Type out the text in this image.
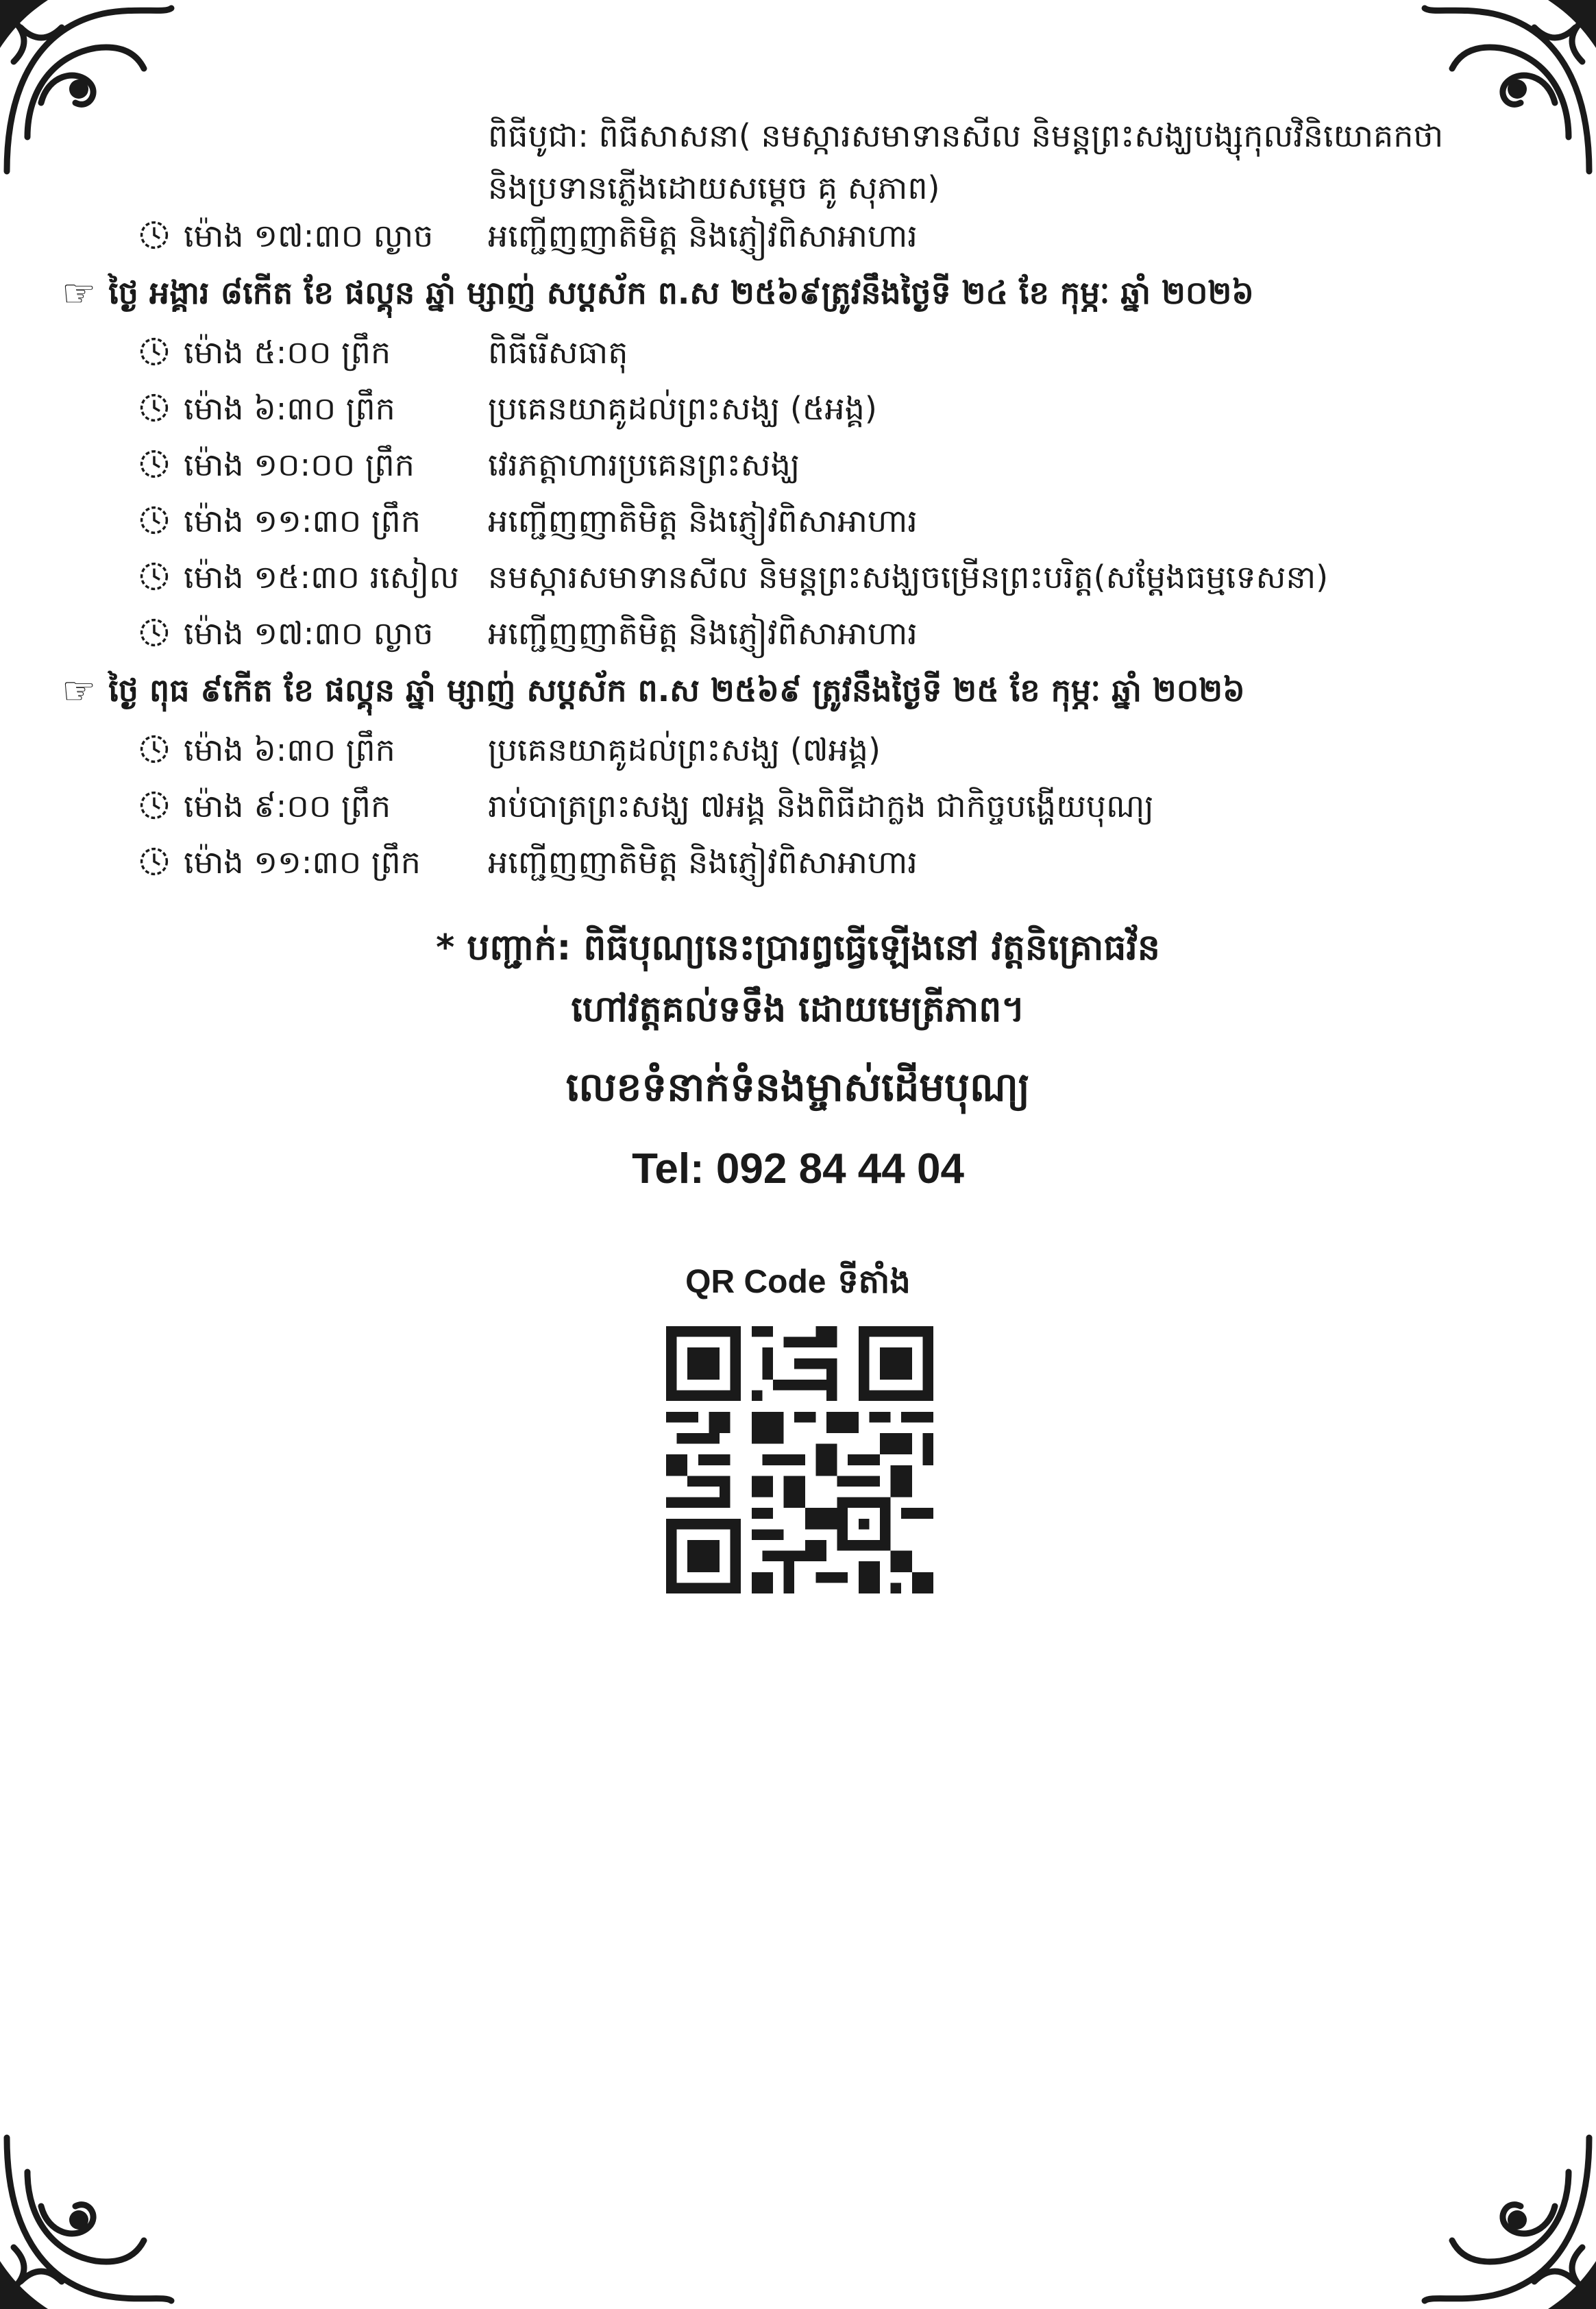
ពិធីបូជា: ពិធីសាសនា( នមស្ការសមាទានសីល និមន្តព្រះសង្ឃបង្សុកុលវិនិយោគកថា
និងប្រទានភ្លើងដោយសម្តេច គូ សុភាព)
ម៉ោង ១៧:៣០ ល្ងាច អញ្ជើញញាតិមិត្ត និងភ្ញៀវពិសាអាហារ
☞ ថ្ងៃ អង្គារ ៨កើត ខែ ផល្គុន ឆ្នាំ ម្សាញ់ សប្តស័ក ព.ស ២៥៦៩ត្រូវនឹងថ្ងៃទី ២៤ ខែ កុម្ភៈ ឆ្នាំ ២០២៦
ម៉ោង ៥:០០ ព្រឹក	ពិធីរើសធាតុ
ម៉ោង ៦:៣០ ព្រឹក	ប្រគេនយាគូដល់ព្រះសង្ឃ (៥អង្គ)
ម៉ោង ១០:០០ ព្រឹក វេរភត្តាហារប្រគេនព្រះសង្ឃ
ម៉ោង ១១:៣០ ព្រឹក អញ្ជើញញាតិមិត្ត និងភ្ញៀវពិសាអាហារ
ម៉ោង ១៥:៣០ រសៀល នមស្ការសមាទានសីល និមន្តព្រះសង្ឃចម្រើនព្រះបរិត្ត(សម្តែងធម្មទេសនា)
ម៉ោង ១៧:៣០ ល្ងាច អញ្ជើញញាតិមិត្ត និងភ្ញៀវពិសាអាហារ
☞ ថ្ងៃ ពុធ ៩កើត ខែ ផល្គុន ឆ្នាំ ម្សាញ់ សប្តស័ក ព.ស ២៥៦៩ ត្រូវនឹងថ្ងៃទី ២៥ ខែ កុម្ភៈ ឆ្នាំ ២០២៦
ម៉ោង ៦:៣០ ព្រឹក	ប្រគេនយាគូដល់ព្រះសង្ឃ (៧អង្គ)
ម៉ោង ៩:០០ ព្រឹក	រាប់បាត្រព្រះសង្ឃ ៧អង្គ និងពិធីដាក្លង ជាកិច្ចបង្ហើយបុណ្យ
ម៉ោង ១១:៣០ ព្រឹក អញ្ជើញញាតិមិត្ត និងភ្ញៀវពិសាអាហារ
* បញ្ជាក់: ពិធីបុណ្យនេះប្រារព្ធធ្វើឡើងនៅ វត្តនិគ្រោធវ័ន
ហៅវត្តគល់ទទឹង ដោយមេត្រីភាព។
លេខទំនាក់ទំនងម្ចាស់ដើមបុណ្យ
Tel: 092 84 44 04
QR Code ទីតាំង
